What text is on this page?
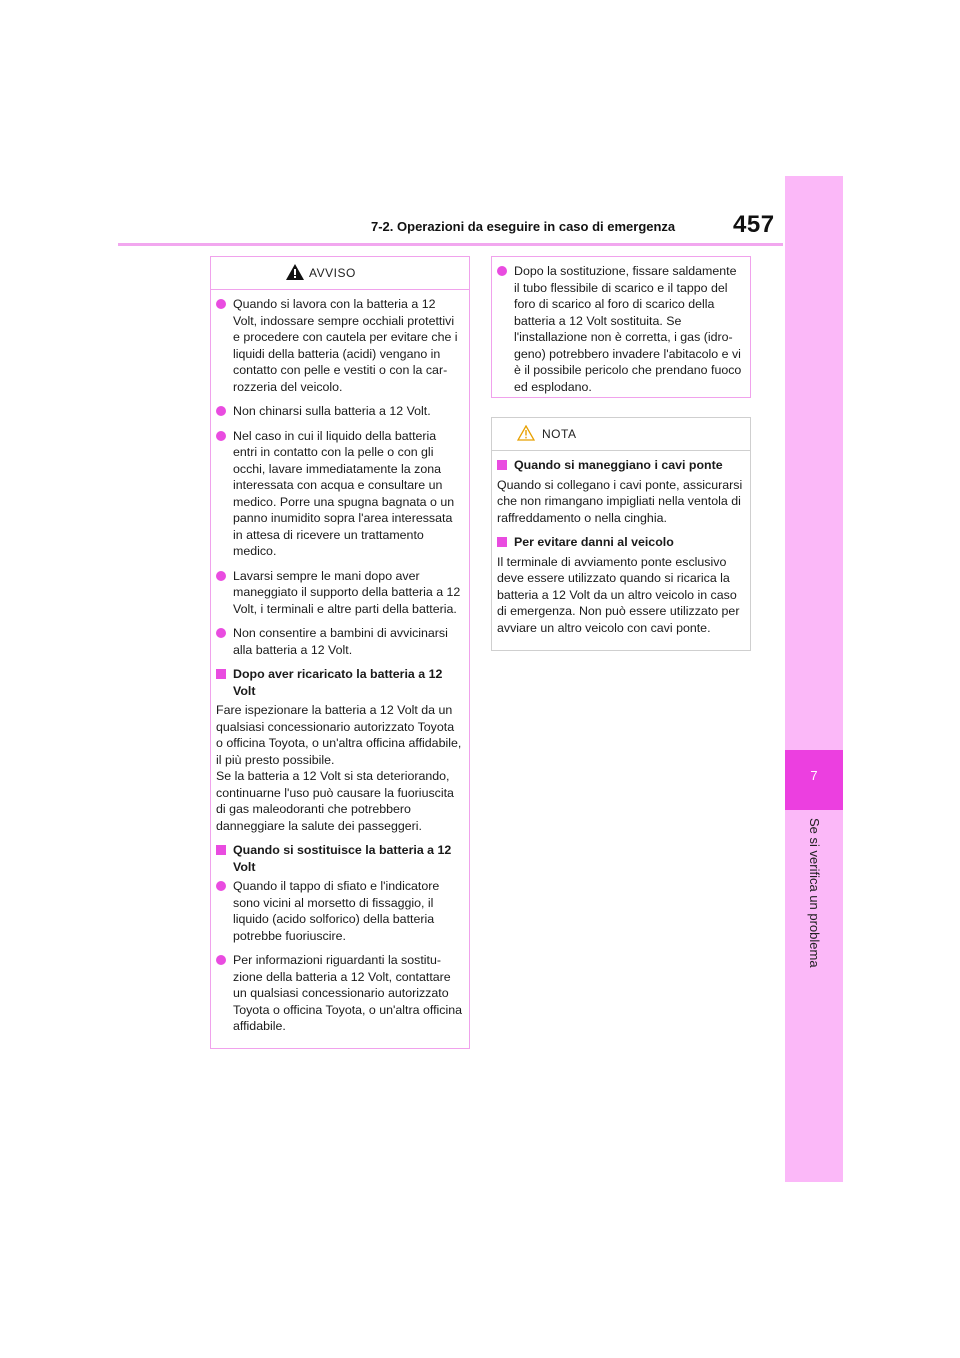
7-2. Operazioni da eseguire in caso di emergenza 457
7
Se si verifica un problema
AVVISO
Quando si lavora con la batteria a 12 Volt, indossare sempre occhiali protettivi e procedere con cautela per evitare che i liquidi della batteria (acidi) vengano in contatto con pelle e vestiti o con la carrozzeria del veicolo.
Non chinarsi sulla batteria a 12 Volt.
Nel caso in cui il liquido della batteria entri in contatto con la pelle o con gli occhi, lavare immediatamente la zona interessata con acqua e consultare un medico. Porre una spugna bagnata o un panno inumidito sopra l'area interessata in attesa di ricevere un trattamento medico.
Lavarsi sempre le mani dopo aver maneggiato il supporto della batteria a 12 Volt, i terminali e altre parti della batteria.
Non consentire a bambini di avvicinarsi alla batteria a 12 Volt.
Dopo aver ricaricato la batteria a 12 Volt
Fare ispezionare la batteria a 12 Volt da un qualsiasi concessionario autorizzato Toyota o officina Toyota, o un'altra officina affidabile, il più presto possibile.
Se la batteria a 12 Volt si sta deteriorando, continuarne l'uso può causare la fuoriuscita di gas maleodoranti che potrebbero danneggiare la salute dei passeggeri.
Quando si sostituisce la batteria a 12 Volt
Quando il tappo di sfiato e l'indicatore sono vicini al morsetto di fissaggio, il liquido (acido solforico) della batteria potrebbe fuoriuscire.
Per informazioni riguardanti la sostituzione della batteria a 12 Volt, contattare un qualsiasi concessionario autorizzato Toyota o officina Toyota, o un'altra officina affidabile.
Dopo la sostituzione, fissare saldamente il tubo flessibile di scarico e il tappo del foro di scarico al foro di scarico della batteria a 12 Volt sostituita. Se l'installazione non è corretta, i gas (idrogeno) potrebbero invadere l'abitacolo e vi è il possibile pericolo che prendano fuoco ed esplodano.
NOTA
Quando si maneggiano i cavi ponte
Quando si collegano i cavi ponte, assicurarsi che non rimangano impigliati nella ventola di raffreddamento o nella cinghia.
Per evitare danni al veicolo
Il terminale di avviamento ponte esclusivo deve essere utilizzato quando si ricarica la batteria a 12 Volt da un altro veicolo in caso di emergenza. Non può essere utilizzato per avviare un altro veicolo con cavi ponte.
